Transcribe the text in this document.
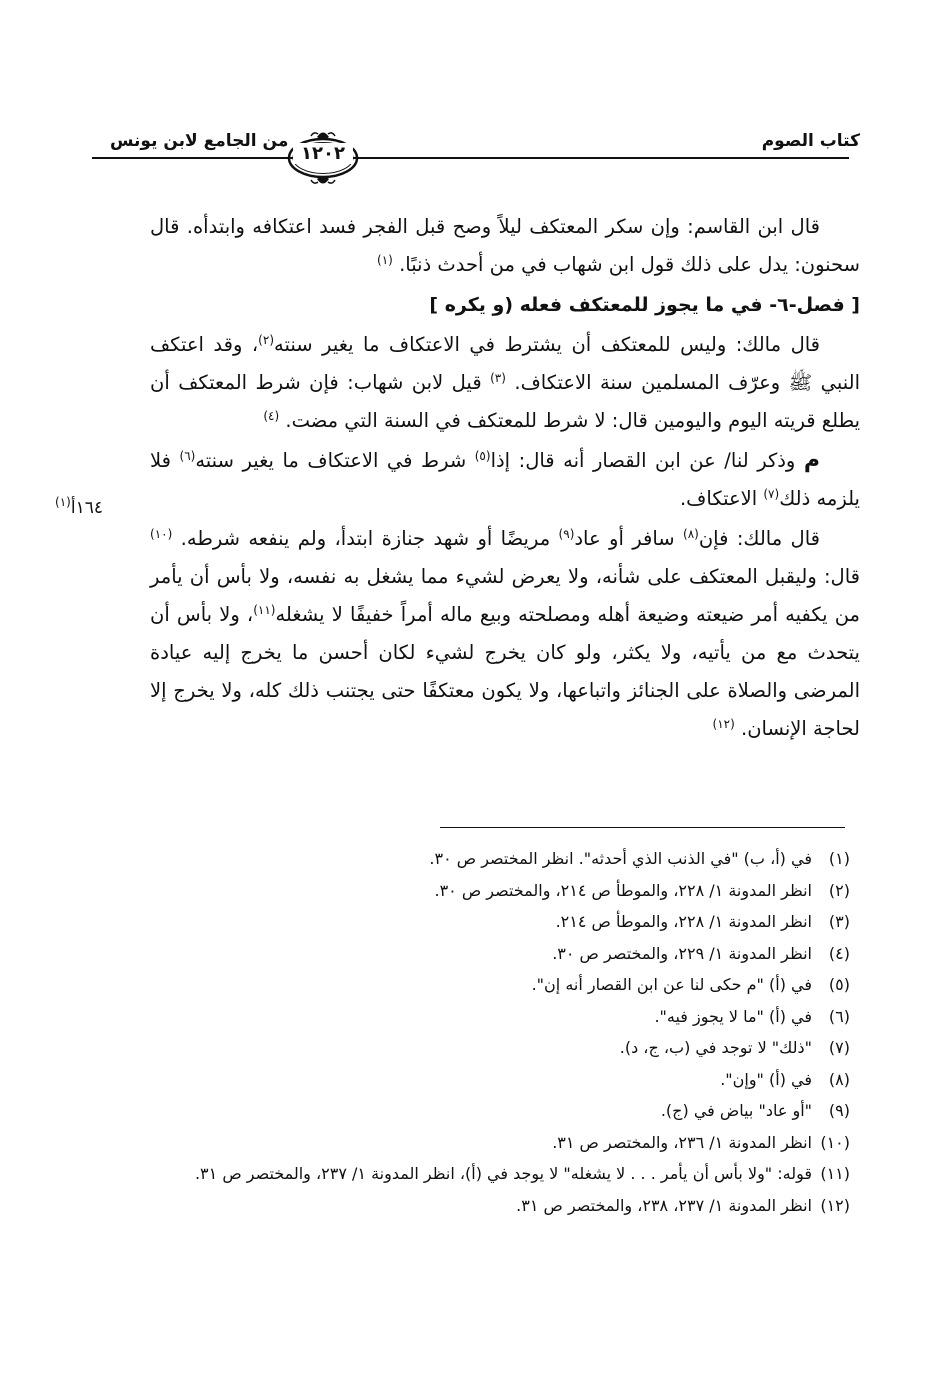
كتاب الصوم
من الجامع لابن يونس
١٢٠٢

قال ابن القاسم: وإن سكر المعتكف ليلاً وصح قبل الفجر فسد اعتكافه وابتدأه. قال سحنون: يدل على ذلك قول ابن شهاب في من أحدث ذنبًا. $^{(١)}$

[ فصل-٦- في ما يجوز للمعتكف فعله (و يكره ]

قال مالك: وليس للمعتكف أن يشترط في الاعتكاف ما يغير سنته$^{(٢)}$، وقد اعتكف النبي ﷺ وعرّف المسلمين سنة الاعتكاف. $^{(٣)}$ قيل لابن شهاب: فإن شرط المعتكف أن يطلع قريته اليوم واليومين قال: لا شرط للمعتكف في السنة التي مضت. $^{(٤)}$

م وذكر لنا/ عن ابن القصار أنه قال: إذا$^{(٥)}$ شرط في الاعتكاف ما يغير سنته$^{(٦)}$ فلا يلزمه ذلك$^{(٧)}$ الاعتكاف.

قال مالك: فإن$^{(٨)}$ سافر أو عاد$^{(٩)}$ مريضًا أو شهد جنازة ابتدأ، ولم ينفعه شرطه. $^{(١٠)}$ قال: وليقبل المعتكف على شأنه، ولا يعرض لشيء مما يشغل به نفسه، ولا بأس أن يأمر من يكفيه أمر ضيعته وضيعة أهله ومصلحته وبيع ماله أمراً خفيفًا لا يشغله$^{(١١)}$، ولا بأس أن يتحدث مع من يأتيه، ولا يكثر، ولو كان يخرج لشيء لكان أحسن ما يخرج إليه عيادة المرضى والصلاة على الجنائز واتباعها، ولا يكون معتكفًا حتى يجتنب ذلك كله، ولا يخرج إلا لحاجة الإنسان. $^{(١٢)}$

١٦٤أ$^{(١)}$
(١)في (أ، ب) "في الذنب الذي أحدثه". انظر المختصر ص ٣٠.
(٢)انظر المدونة ١/ ٢٢٨، والموطأ ص ٢١٤، والمختصر ص ٣٠.
(٣)انظر المدونة ١/ ٢٢٨، والموطأ ص ٢١٤.
(٤)انظر المدونة ١/ ٢٢٩، والمختصر ص ٣٠.
(٥)في (أ) "م حكى لنا عن ابن القصار أنه إن".
(٦)في (أ) "ما لا يجوز فيه".
(٧)"ذلك" لا توجد في (ب، ج، د).
(٨)في (أ) "وإن".
(٩)"أو عاد" بياض في (ج).
(١٠)انظر المدونة ١/ ٢٣٦، والمختصر ص ٣١.
(١١)قوله: "ولا بأس أن يأمر . . . لا يشغله" لا يوجد في (أ)، انظر المدونة ١/ ٢٣٧، والمختصر ص ٣١.
(١٢)انظر المدونة ١/ ٢٣٧، ٢٣٨، والمختصر ص ٣١.
